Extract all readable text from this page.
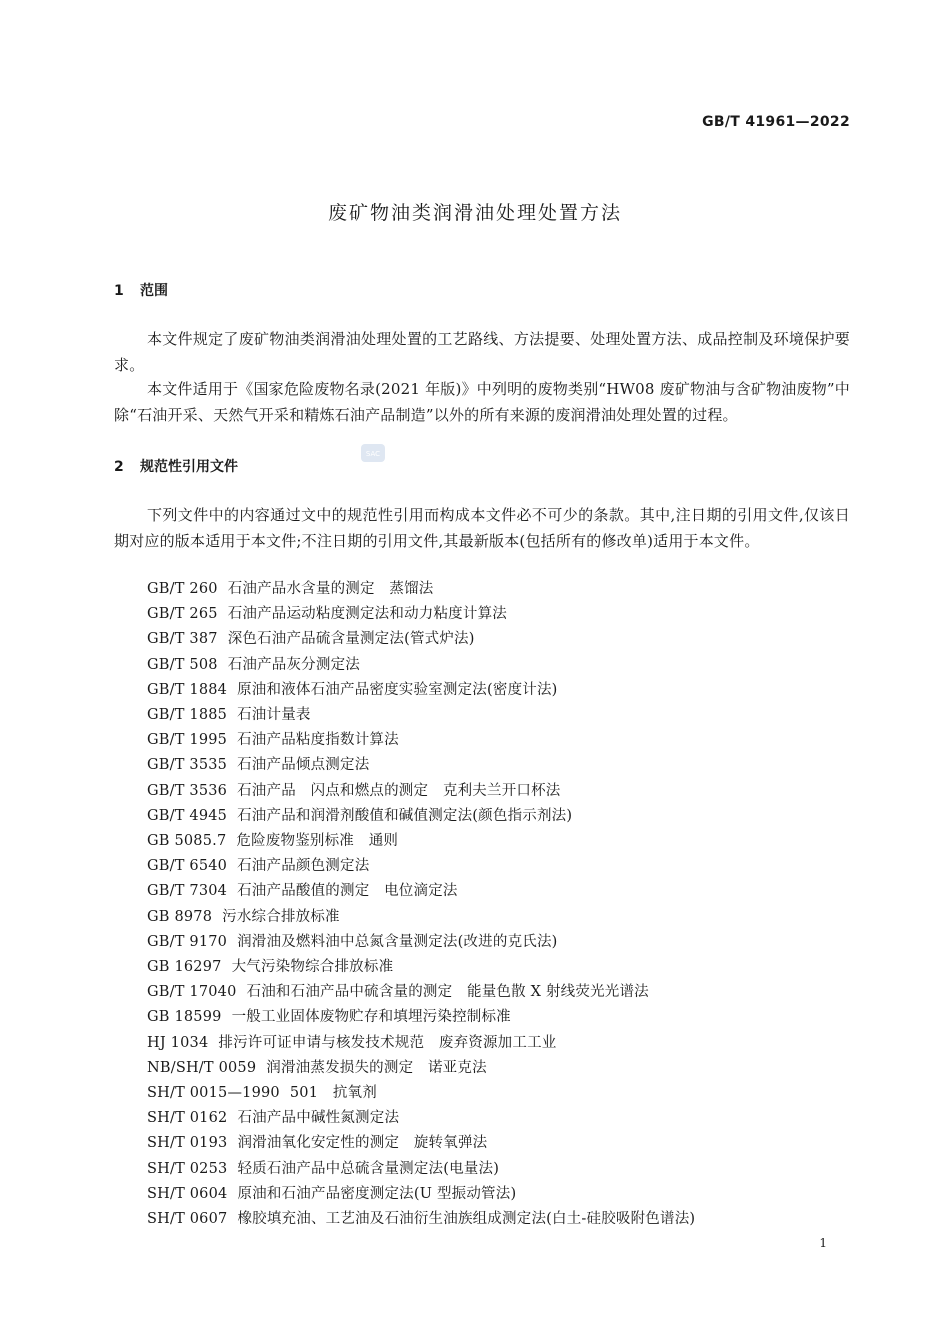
GB/T 41961—2022
废矿物油类润滑油处理处置方法
1 范围

本文件规定了废矿物油类润滑油处理处置的工艺路线、方法提要、处理处置方法、成品控制及环境保护要求。

本文件适用于《国家危险废物名录(2021 年版)》中列明的废物类别“HW08 废矿物油与含矿物油废物”中除“石油开采、天然气开采和精炼石油产品制造”以外的所有来源的废润滑油处理处置的过程。

2 规范性引用文件
SAC

下列文件中的内容通过文中的规范性引用而构成本文件必不可少的条款。其中,注日期的引用文件,仅该日期对应的版本适用于本文件;不注日期的引用文件,其最新版本(包括所有的修改单)适用于本文件。

GB/T 260 石油产品水含量的测定　蒸馏法
GB/T 265 石油产品运动粘度测定法和动力粘度计算法
GB/T 387 深色石油产品硫含量测定法(管式炉法)
GB/T 508 石油产品灰分测定法
GB/T 1884 原油和液体石油产品密度实验室测定法(密度计法)
GB/T 1885 石油计量表
GB/T 1995 石油产品粘度指数计算法
GB/T 3535 石油产品倾点测定法
GB/T 3536 石油产品　闪点和燃点的测定　克利夫兰开口杯法
GB/T 4945 石油产品和润滑剂酸值和碱值测定法(颜色指示剂法)
GB 5085.7 危险废物鉴别标准　通则
GB/T 6540 石油产品颜色测定法
GB/T 7304 石油产品酸值的测定　电位滴定法
GB 8978 污水综合排放标准
GB/T 9170 润滑油及燃料油中总氮含量测定法(改进的克氏法)
GB 16297 大气污染物综合排放标准
GB/T 17040 石油和石油产品中硫含量的测定　能量色散 X 射线荧光光谱法
GB 18599 一般工业固体废物贮存和填埋污染控制标准
HJ 1034 排污许可证申请与核发技术规范　废弃资源加工工业
NB/SH/T 0059 润滑油蒸发损失的测定　诺亚克法
SH/T 0015—1990 501　抗氧剂
SH/T 0162 石油产品中碱性氮测定法
SH/T 0193 润滑油氧化安定性的测定　旋转氧弹法
SH/T 0253 轻质石油产品中总硫含量测定法(电量法)
SH/T 0604 原油和石油产品密度测定法(U 型振动管法)
SH/T 0607 橡胶填充油、工艺油及石油衍生油族组成测定法(白土-硅胶吸附色谱法)
1
